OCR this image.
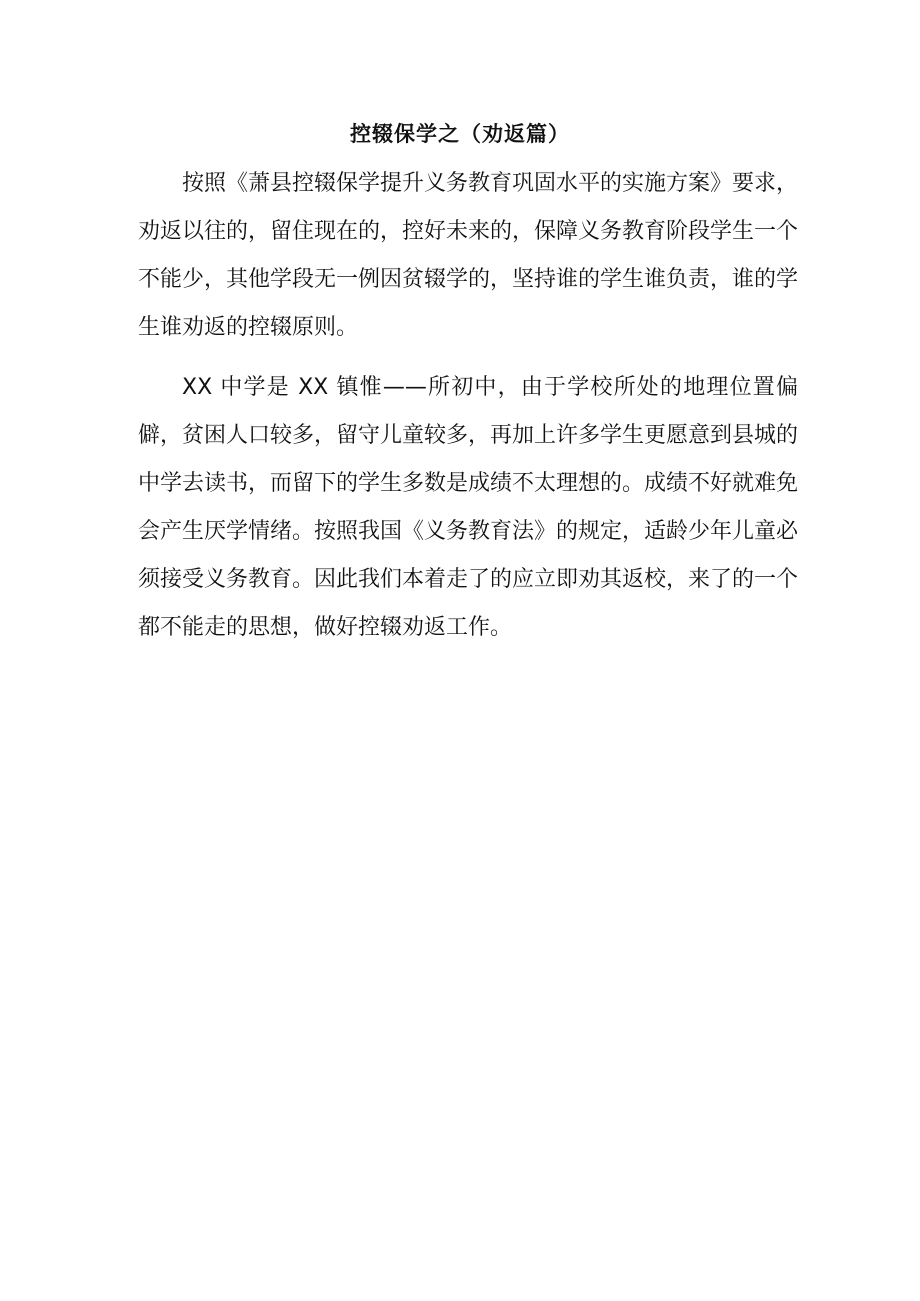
控辍保学之（劝返篇）

按照《萧县控辍保学提升义务教育巩固水平的实施方案》要求，劝返以往的，留住现在的，控好未来的，保障义务教育阶段学生一个不能少，其他学段无一例因贫辍学的，坚持谁的学生谁负责，谁的学生谁劝返的控辍原则。

XX 中学是 XX 镇惟——所初中，由于学校所处的地理位置偏僻，贫困人口较多，留守儿童较多，再加上许多学生更愿意到县城的中学去读书，而留下的学生多数是成绩不太理想的。成绩不好就难免会产生厌学情绪。按照我国《义务教育法》的规定，适龄少年儿童必须接受义务教育。因此我们本着走了的应立即劝其返校，来了的一个都不能走的思想，做好控辍劝返工作。
